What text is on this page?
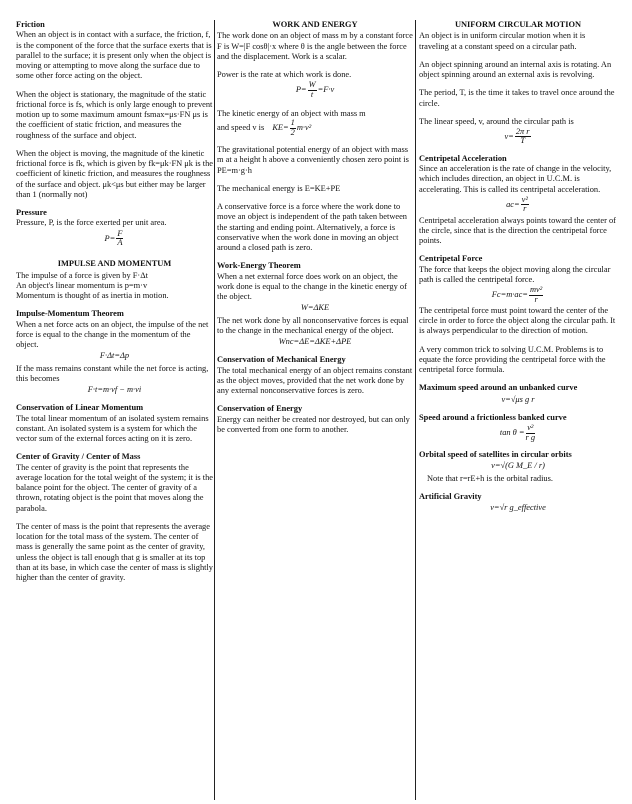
Friction

When an object is in contact with a surface, the friction, f, is the component of the force that the surface exerts that is parallel to the surface; it is present only when the object is moving or attempting to move along the surface due to some other force acting on the object.

When the object is stationary, the magnitude of the static frictional force is fs, which is only large enough to prevent motion up to some maximum amount fsmax=μs·FN μs is the coefficient of static friction, and measures the roughness of the surface and object.

When the object is moving, the magnitude of the kinetic frictional force is fk, which is given by fk=μk·FN μk is the coefficient of kinetic friction, and measures the roughness of the surface and object. μk<μs but either may be larger than 1 (normally not)

Pressure
Pressure, P, is the force exerted per unit area.
$P= \frac{F}{A}$
IMPULSE AND MOMENTUM
The impulse of a force is given by F·Δt
An object's linear momentum is p=m·v
Momentum is thought of as inertia in motion.
Impulse-Momentum Theorem
When a net force acts on an object, the impulse of the net force is equal to the change in the momentum of the object.
F·Δt=Δp
If the mass remains constant while the net force is acting, this becomes
F·t=m·vf − m·vi
Conservation of Linear Momentum
The total linear momentum of an isolated system remains constant. An isolated system is a system for which the vector sum of the external forces acting on it is zero.
Center of Gravity / Center of Mass

The center of gravity is the point that represents the average location for the total weight of the system; it is the balance point for the object. The center of gravity of a thrown, rotating object is the point that moves along the parabola.

The center of mass is the point that represents the average location for the total mass of the system. The center of mass is generally the same point as the center of gravity, unless the object is tall enough that g is smaller at its top than at its base, in which case the center of mass is slightly higher than the center of gravity.

WORK AND ENERGY

The work done on an object of mass m by a constant force F is W=|F cosθ|·x where θ is the angle between the force and the displacement. Work is a scalar.

Power is the rate at which work is done.
$P= \frac{W}{t} =F\cdot v$
The kinetic energy of an object with mass m
and speed v is $KE= \frac{1}{2} m\cdot v^2$

The gravitational potential energy of an object with mass m at a height h above a conveniently chosen zero point is PE=m·g·h

The mechanical energy is E=KE+PE

A conservative force is a force where the work done to move an object is independent of the path taken between the starting and ending point. Alternatively, a force is conservative when the work done in moving an object around a closed path is zero.

Work-Energy Theorem
When a net external force does work on an object, the work done is equal to the change in the kinetic energy of the object.
W=ΔKE
The net work done by all nonconservative forces is equal to the change in the mechanical energy of the object.
Wnc=ΔE=ΔKE+ΔPE
Conservation of Mechanical Energy
The total mechanical energy of an object remains constant as the object moves, provided that the net work done by any external nonconservative forces is zero.
Conservation of Energy
Energy can neither be created nor destroyed, but can only be converted from one form to another.
UNIFORM CIRCULAR MOTION

An object is in uniform circular motion when it is traveling at a constant speed on a circular path.

An object spinning around an internal axis is rotating. An object spinning around an external axis is revolving.

The period, T, is the time it takes to travel once around the circle.

The linear speed, v, around the circular path is
$v= \frac{\text{2π r}}{T}$
Centripetal Acceleration
Since an acceleration is the rate of change in the velocity, which includes direction, an object in U.C.M. is accelerating. This is called its centripetal acceleration.
$ac= \frac{\text{v²}}{r}$
Centripetal acceleration always points toward the center of the circle, since that is the direction the centripetal force points.
Centripetal Force
The force that keeps the object moving along the circular path is called the centripetal force.
$Fc=m\cdot ac= \frac{\text{mv²}}{r}$

The centripetal force must point toward the center of the circle in order to force the object along the circular path. It is always perpendicular to the direction of motion.

A very common trick to solving U.C.M. Problems is to equate the force providing the centripetal force with the centripetal force formula.

Maximum speed around an unbanked curve
v=√μs g r
Speed around a frictionless banked curve
$\tan \theta = \frac{\text{v²}}{\text{r g}}$
Orbital speed of satellites in circular orbits
v=√(G M_E / r)
Note that r=rE+h is the orbital radius.
Artificial Gravity
v=√r g_effective
